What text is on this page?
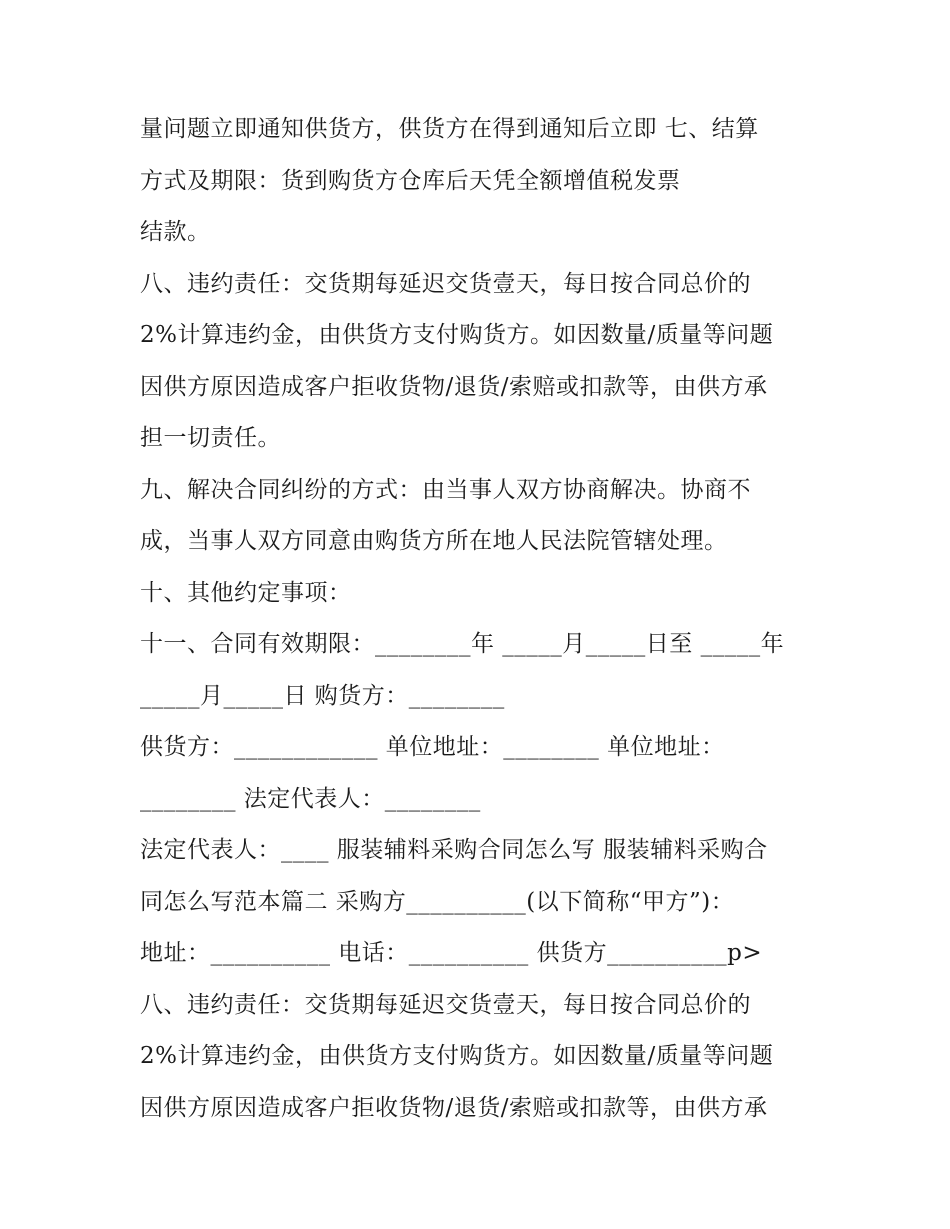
量问题立即通知供货方，供货方在得到通知后立即 七、结算
方式及期限：货到购货方仓库后天凭全额增值税发票
结款。
八、违约责任：交货期每延迟交货壹天，每日按合同总价的
2%计算违约金，由供货方支付购货方。如因数量/质量等问题
因供方原因造成客户拒收货物/退货/索赔或扣款等，由供方承
担一切责任。
九、解决合同纠纷的方式：由当事人双方协商解决。协商不
成，当事人双方同意由购货方所在地人民法院管辖处理。
十、其他约定事项：
十一、合同有效期限：________年 _____月_____日至 _____年
_____月_____日 购货方：________
供货方：____________ 单位地址：________ 单位地址：
________ 法定代表人：________
法定代表人：____ 服装辅料采购合同怎么写 服装辅料采购合
同怎么写范本篇二 采购方__________(以下简称“甲方”)：
地址：__________ 电话：__________ 供货方__________p>
八、违约责任：交货期每延迟交货壹天，每日按合同总价的
2%计算违约金，由供货方支付购货方。如因数量/质量等问题
因供方原因造成客户拒收货物/退货/索赔或扣款等，由供方承
